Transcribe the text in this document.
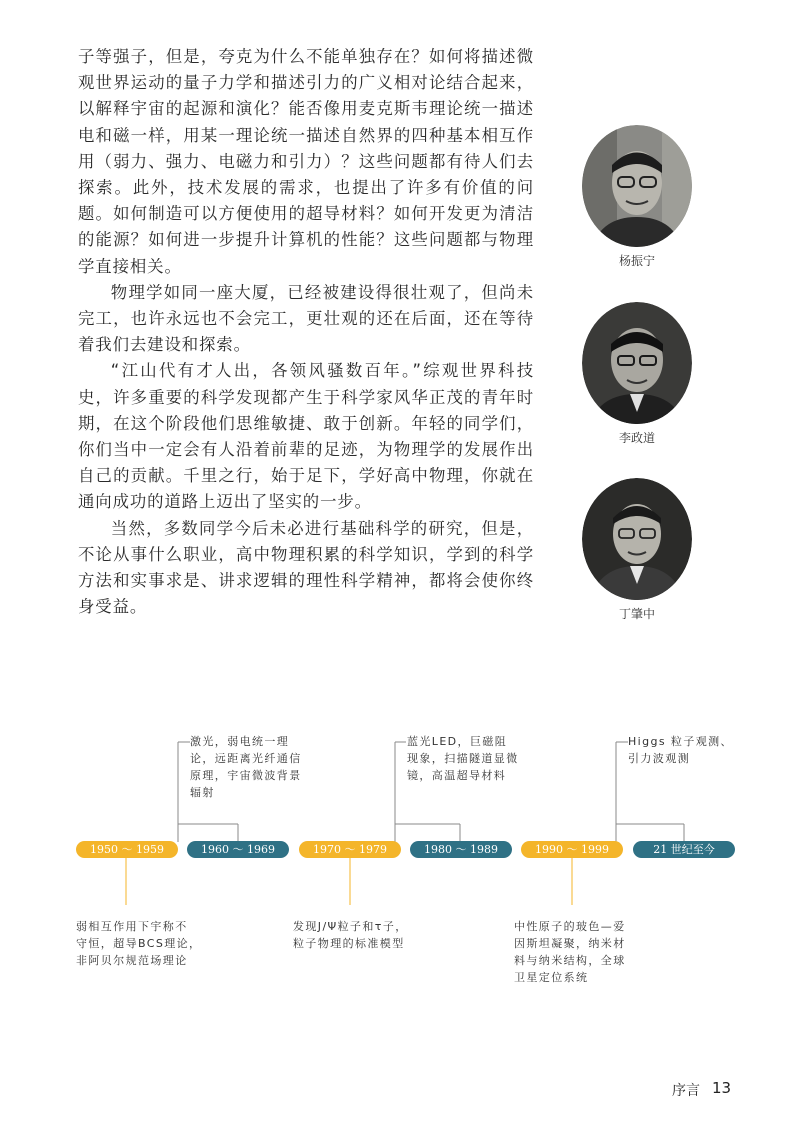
子等强子，但是，夸克为什么不能单独存在？如何将描述微观世界运动的量子力学和描述引力的广义相对论结合起来，以解释宇宙的起源和演化？能否像用麦克斯韦理论统一描述电和磁一样，用某一理论统一描述自然界的四种基本相互作用（弱力、强力、电磁力和引力）？这些问题都有待人们去探索。此外，技术发展的需求，也提出了许多有价值的问题。如何制造可以方便使用的超导材料？如何开发更为清洁的能源？如何进一步提升计算机的性能？这些问题都与物理学直接相关。

物理学如同一座大厦，已经被建设得很壮观了，但尚未完工，也许永远也不会完工，更壮观的还在后面，还在等待着我们去建设和探索。

“江山代有才人出，各领风骚数百年。”综观世界科技史，许多重要的科学发现都产生于科学家风华正茂的青年时期，在这个阶段他们思维敏捷、敢于创新。年轻的同学们，你们当中一定会有人沿着前辈的足迹，为物理学的发展作出自己的贡献。千里之行，始于足下，学好高中物理，你就在通向成功的道路上迈出了坚实的一步。

当然，多数同学今后未必进行基础科学的研究，但是，不论从事什么职业，高中物理积累的科学知识，学到的科学方法和实事求是、讲求逻辑的理性科学精神，都将会使你终身受益。

杨振宁
李政道
丁肇中
1950 ～ 1959	1960 ～ 1969	1970 ～ 1979	1980 ～ 1989	1990 ～ 1999	21 世纪至今
弱相互作用下宇称不
守恒，超导BCS理论，
非阿贝尔规范场理论
激光，弱电统一理
论，远距离光纤通信
原理，宇宙微波背景
辐射
发现J/Ψ粒子和τ子，
粒子物理的标准模型
蓝光LED，巨磁阻
现象，扫描隧道显微
镜，高温超导材料
中性原子的玻色—爱
因斯坦凝聚，纳米材
料与纳米结构，全球
卫星定位系统
Higgs 粒子观测、
引力波观测
序言 13
